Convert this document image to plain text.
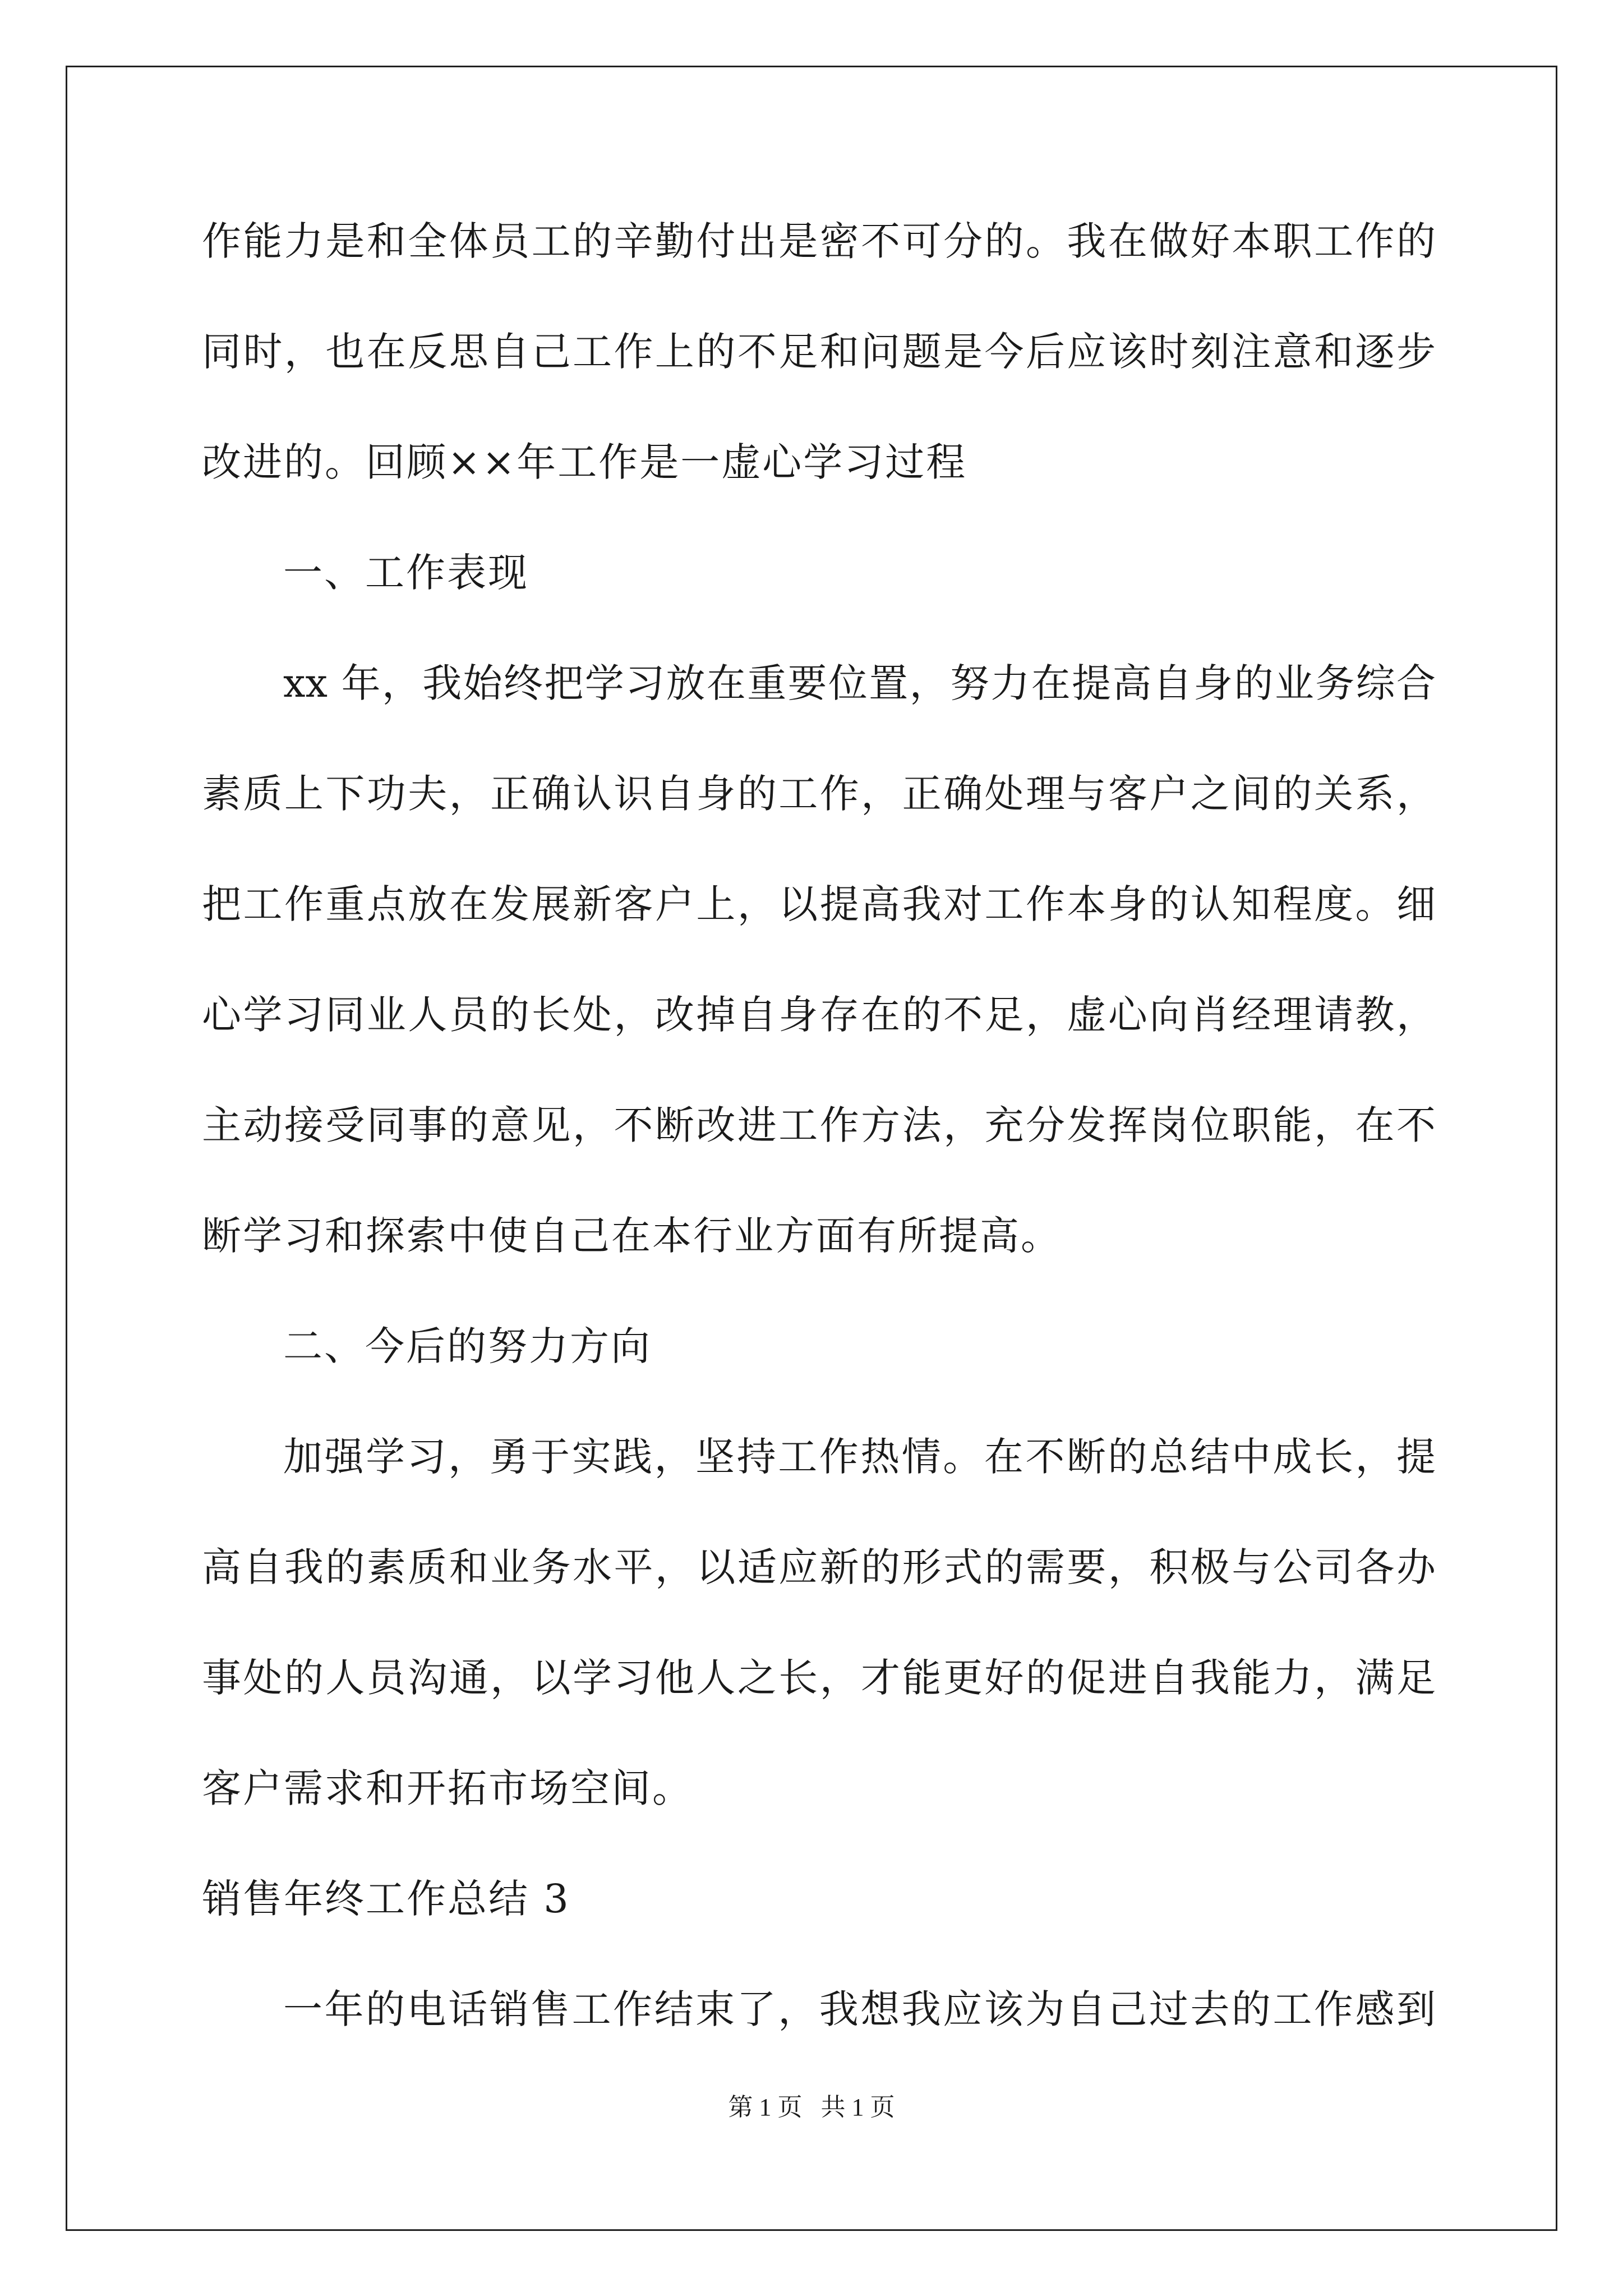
作能力是和全体员工的辛勤付出是密不可分的。我在做好本职工作的
同时，也在反思自己工作上的不足和问题是今后应该时刻注意和逐步
改进的。回顾××年工作是一虚心学习过程
一、工作表现
xx 年，我始终把学习放在重要位置，努力在提高自身的业务综合
素质上下功夫，正确认识自身的工作，正确处理与客户之间的关系，
把工作重点放在发展新客户上，以提高我对工作本身的认知程度。细
心学习同业人员的长处，改掉自身存在的不足，虚心向肖经理请教，
主动接受同事的意见，不断改进工作方法，充分发挥岗位职能，在不
断学习和探索中使自己在本行业方面有所提高。
二、今后的努力方向
加强学习，勇于实践，坚持工作热情。在不断的总结中成长，提
高自我的素质和业务水平，以适应新的形式的需要，积极与公司各办
事处的人员沟通，以学习他人之长，才能更好的促进自我能力，满足
客户需求和开拓市场空间。
销售年终工作总结 3
一年的电话销售工作结束了，我想我应该为自己过去的工作感到
第 1 页   共 1 页
